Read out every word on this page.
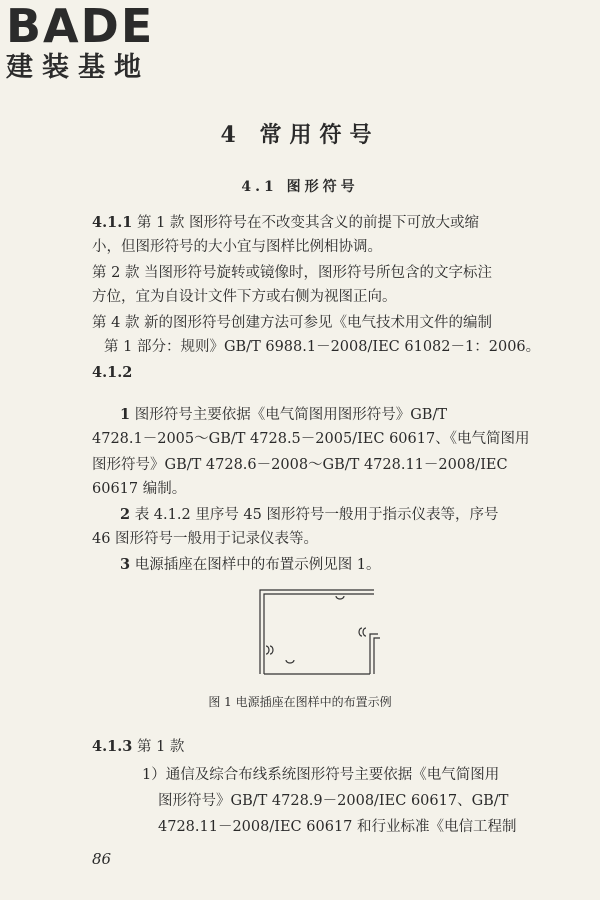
BADE
建装基地
4 常用符号
4.1 图形符号
4.1.1 第 1 款 图形符号在不改变其含义的前提下可放大或缩
小，但图形符号的大小宜与图样比例相协调。
第 2 款 当图形符号旋转或镜像时，图形符号所包含的文字标注
方位，宜为自设计文件下方或右侧为视图正向。
第 4 款 新的图形符号创建方法可参见《电气技术用文件的编制
第 1 部分：规则》GB/T 6988.1－2008/IEC 61082－1：2006。
4.1.2
1 图形符号主要依据《电气简图用图形符号》GB/T
4728.1－2005～GB/T 4728.5－2005/IEC 60617、《电气简图用
图形符号》GB/T 4728.6－2008～GB/T 4728.11－2008/IEC
60617 编制。
2 表 4.1.2 里序号 45 图形符号一般用于指示仪表等，序号
46 图形符号一般用于记录仪表等。
3 电源插座在图样中的布置示例见图 1。
图 1 电源插座在图样中的布置示例
4.1.3 第 1 款
1）通信及综合布线系统图形符号主要依据《电气简图用
图形符号》GB/T 4728.9－2008/IEC 60617、GB/T
4728.11－2008/IEC 60617 和行业标准《电信工程制
86
